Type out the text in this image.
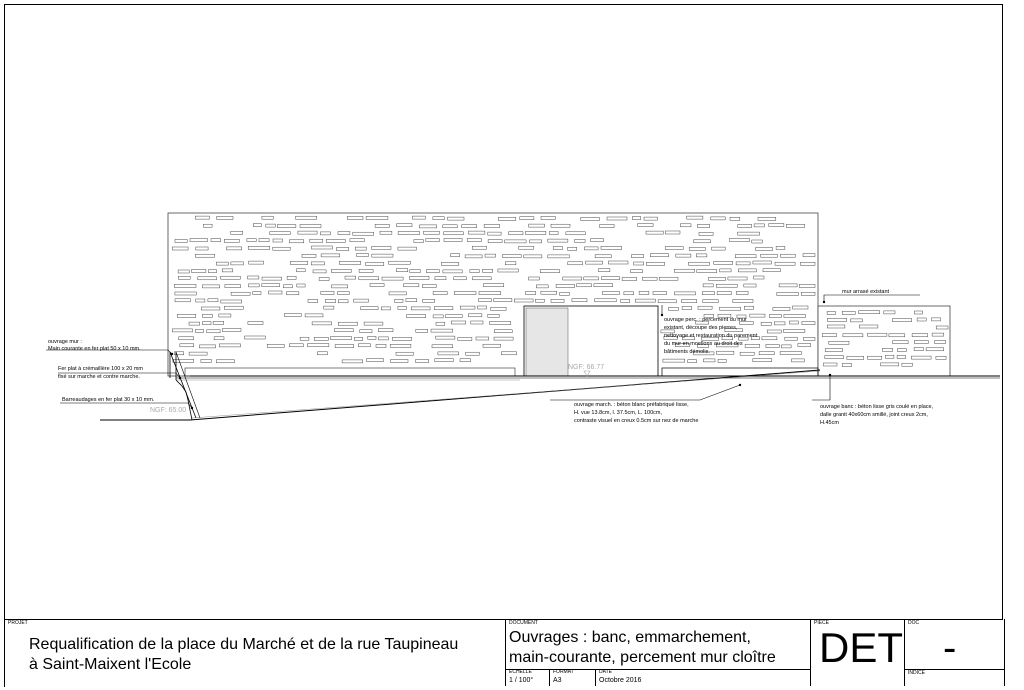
mur arrasé existant
ouvrage mur :
Main courante en fer plat 50 x 10 mm.
Fer plat à crémaillère 100 x 20 mm
fixé sur marche et contre marche.
Barreaudages en fer plat 30 x 10 mm.
ouvrage perc. : percement du mur
existant, découpe des pierres,
nettoyage et restauration du parement
du mur en moellons au droit des
bâtiments démolis.
ouvrage march. : béton blanc préfabriqué lisse,
H. vue 13.8cm, l. 37.5cm, L. 100cm,
contraste visuel en creux 0.5cm sur nez de marche
ouvrage banc : béton lisse gris coulé en place,
dalle granit 40x60cm smillé, joint creux 2cm,
H.45cm
NGF: 65.00
NGF: 66.77
PROJET
Requalification de la place du Marché et de la rue Taupineau
à Saint-Maixent l'Ecole
DOCUMENT
Ouvrages : banc, emmarchement,
main-courante, percement mur cloître
ECHELLE
1 / 100°
FORMAT
A3
DATE
Octobre 2016
PIECE
DET
DOC
-
INDICE
